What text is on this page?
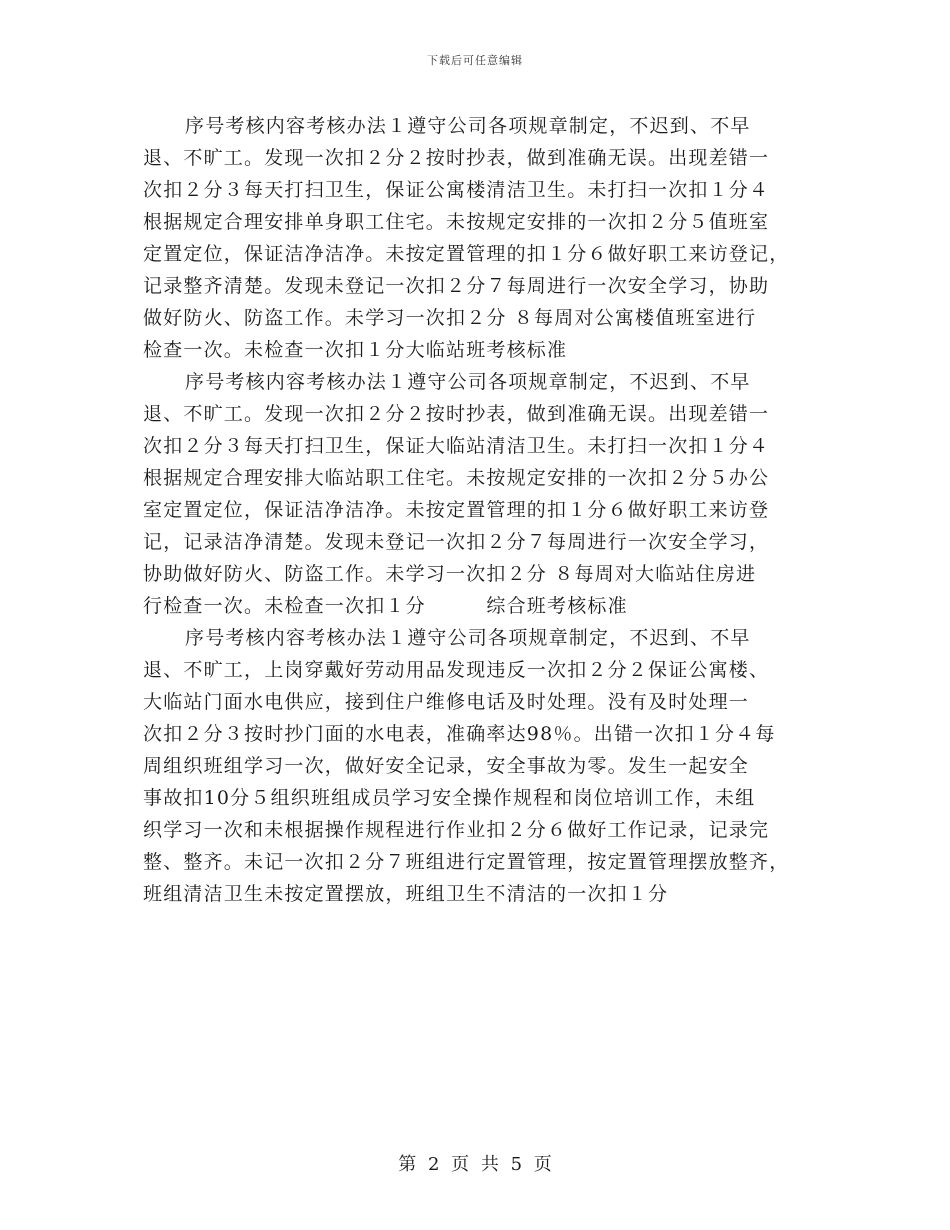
下载后可任意编辑

序号考核内容考核办法１遵守公司各项规章制定，不迟到、不早
退、不旷工。发现一次扣２分２按时抄表，做到准确无误。出现差错一
次扣２分３每天打扫卫生，保证公寓楼清洁卫生。未打扫一次扣１分４
根据规定合理安排单身职工住宅。未按规定安排的一次扣２分５值班室
定置定位，保证洁净洁净。未按定置管理的扣１分６做好职工来访登记，
记录整齐清楚。发现未登记一次扣２分７每周进行一次安全学习，协助
做好防火、防盗工作。未学习一次扣２分 ８每周对公寓楼值班室进行
检查一次。未检查一次扣１分大临站班考核标准

序号考核内容考核办法１遵守公司各项规章制定，不迟到、不早
退、不旷工。发现一次扣２分２按时抄表，做到准确无误。出现差错一
次扣２分３每天打扫卫生，保证大临站清洁卫生。未打扫一次扣１分４
根据规定合理安排大临站职工住宅。未按规定安排的一次扣２分５办公
室定置定位，保证洁净洁净。未按定置管理的扣１分６做好职工来访登
记，记录洁净清楚。发现未登记一次扣２分７每周进行一次安全学习，
协助做好防火、防盗工作。未学习一次扣２分 ８每周对大临站住房进
行检查一次。未检查一次扣１分　　　综合班考核标准

序号考核内容考核办法１遵守公司各项规章制定，不迟到、不早
退、不旷工，上岗穿戴好劳动用品发现违反一次扣２分２保证公寓楼、
大临站门面水电供应，接到住户维修电话及时处理。没有及时处理一
次扣２分３按时抄门面的水电表，准确率达98％。出错一次扣１分４每
周组织班组学习一次，做好安全记录，安全事故为零。发生一起安全
事故扣10分５组织班组成员学习安全操作规程和岗位培训工作，未组
织学习一次和未根据操作规程进行作业扣２分６做好工作记录，记录完
整、整齐。未记一次扣２分７班组进行定置管理，按定置管理摆放整齐，
班组清洁卫生未按定置摆放，班组卫生不清洁的一次扣１分

第 2 页 共 5 页
